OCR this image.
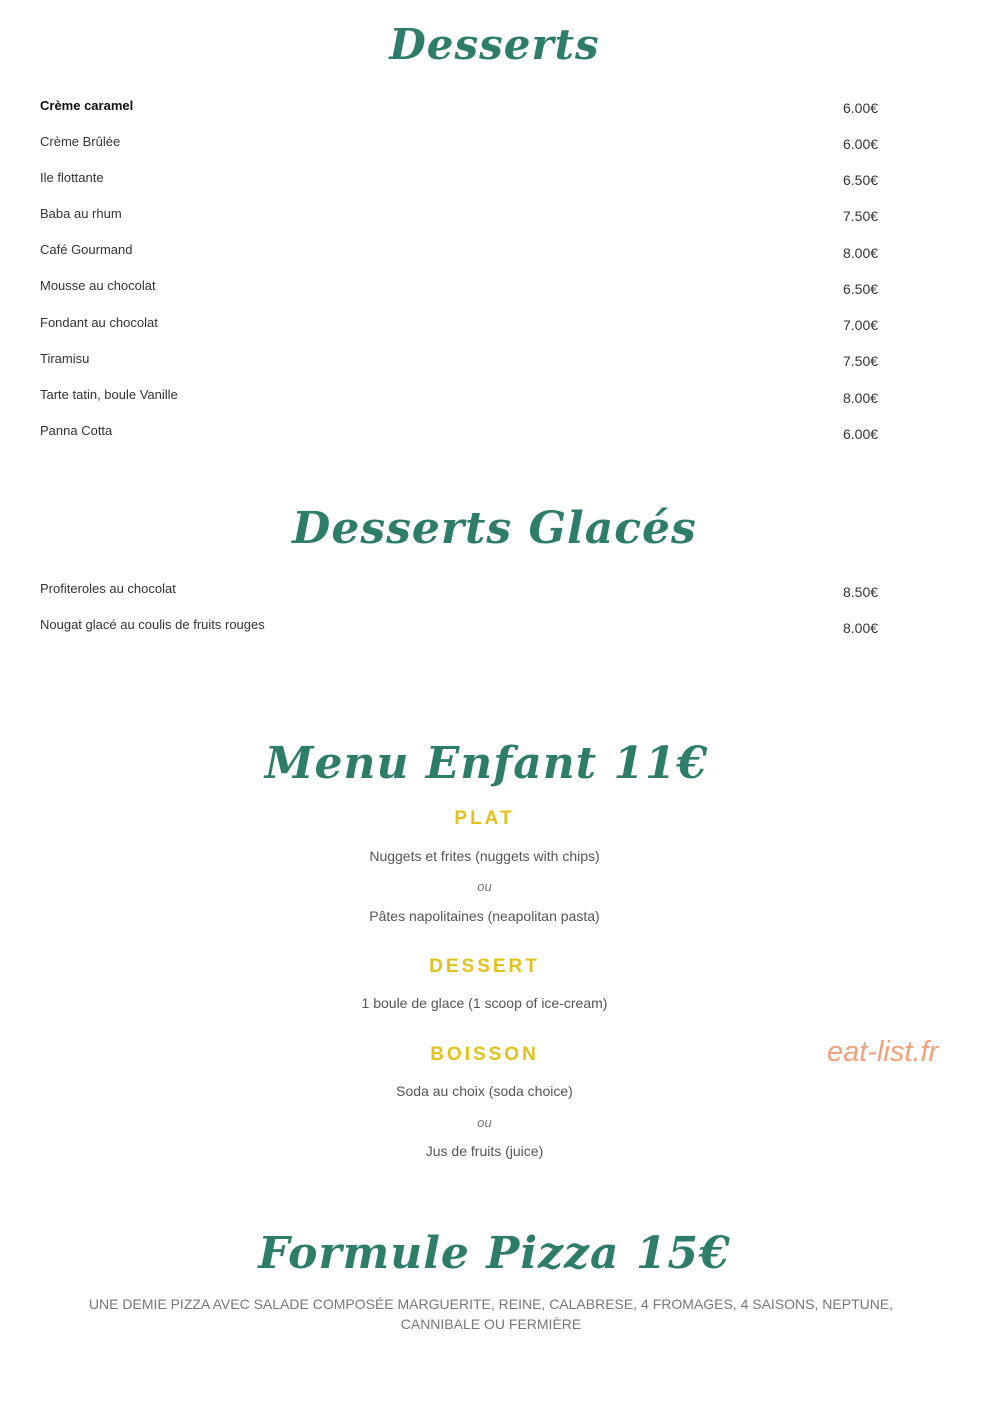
Desserts
Crème caramel	6.00€
Crème Brûlée	6.00€
Ile flottante	6.50€
Baba au rhum	7.50€
Café Gourmand	8.00€
Mousse au chocolat	6.50€
Fondant au chocolat	7.00€
Tiramisu	7.50€
Tarte tatin, boule Vanille	8.00€
Panna Cotta	6.00€
Desserts Glacés
Profiteroles au chocolat	8.50€
Nougat glacé au coulis de fruits rouges	8.00€
Menu Enfant 11€
PLAT
Nuggets et frites (nuggets with chips)
ou
Pâtes napolitaines (neapolitan pasta)
DESSERT
1 boule de glace (1 scoop of ice-cream)
BOISSON
Soda au choix (soda choice)
ou
Jus de fruits (juice)
eat-list.fr
Formule Pizza 15€
UNE DEMIE PIZZA AVEC SALADE COMPOSÉE MARGUERITE, REINE, CALABRESE, 4 FROMAGES, 4 SAISONS, NEPTUNE, CANNIBALE OU FERMIÈRE
